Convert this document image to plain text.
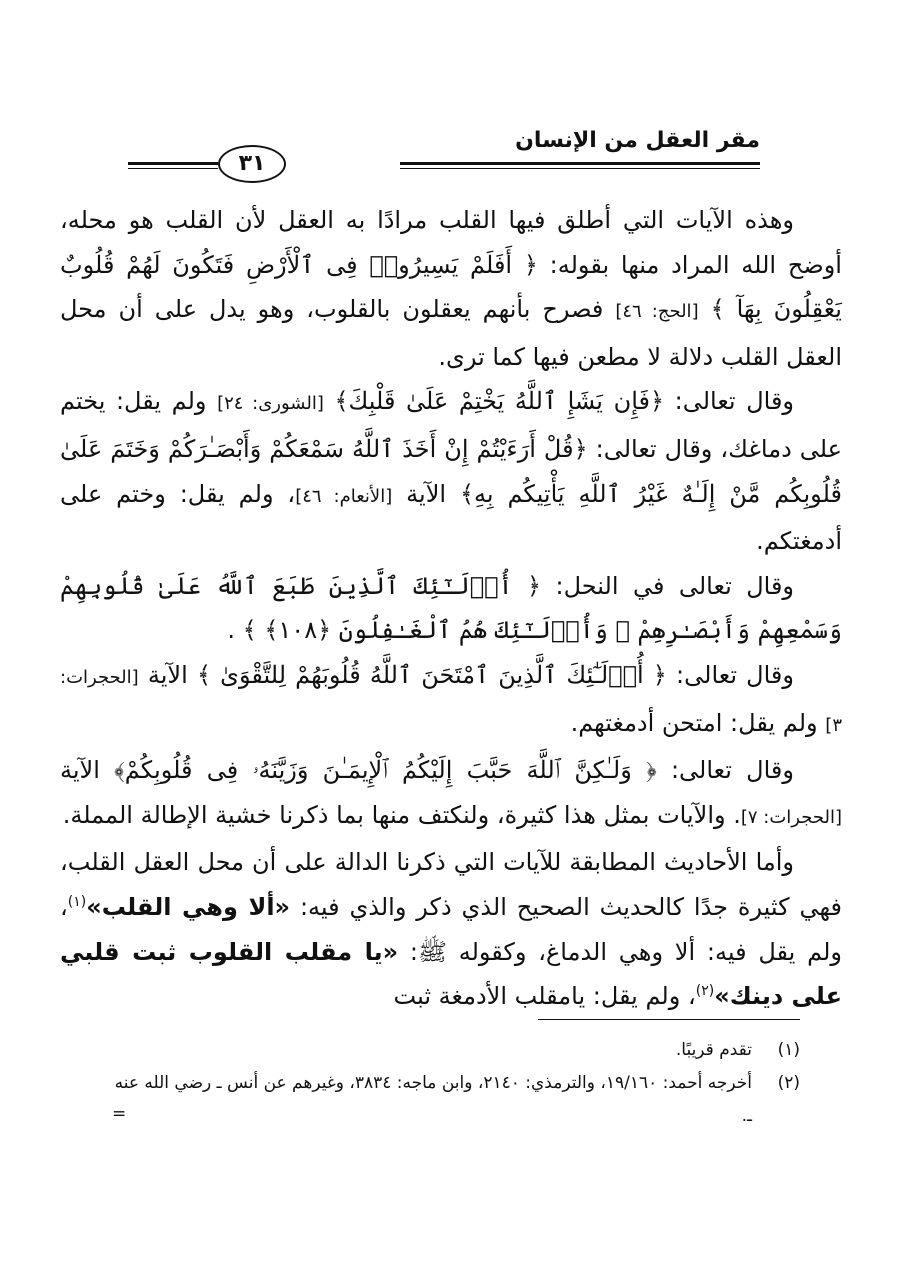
مقر العقل من الإنسان
٣١

وهذه الآيات التي أطلق فيها القلب مرادًا به العقل لأن القلب هو محله، أوضح الله المراد منها بقوله: ﴿ أَفَلَمْ يَسِيرُوا۟ فِى ٱلْأَرْضِ فَتَكُونَ لَهُمْ قُلُوبٌ يَعْقِلُونَ بِهَآ ﴾ [الحج: ٤٦] فصرح بأنهم يعقلون بالقلوب، وهو يدل على أن محل العقل القلب دلالة لا مطعن فيها كما ترى.

وقال تعالى: ﴿فَإِن يَشَإِ ٱللَّهُ يَخْتِمْ عَلَىٰ قَلْبِكَ﴾ [الشورى: ٢٤] ولم يقل: يختم على دماغك، وقال تعالى: ﴿قُلْ أَرَءَيْتُمْ إِنْ أَخَذَ ٱللَّهُ سَمْعَكُمْ وَأَبْصَـٰرَكُمْ وَخَتَمَ عَلَىٰ قُلُوبِكُم مَّنْ إِلَـٰهٌ غَيْرُ ٱللَّهِ يَأْتِيكُم بِهِ﴾ الآية [الأنعام: ٤٦]، ولم يقل: وختم على أدمغتكم.

وقال تعالى في النحل: ﴿ أُو۟لَـٰٓئِكَ ٱلَّذِينَ طَبَعَ ٱللَّهُ عَلَىٰ قُلُوبِهِمْ وَسَمْعِهِمْ وَأَبْصَـٰرِهِمْ ۖ وَأُو۟لَـٰٓئِكَ هُمُ ٱلْغَـٰفِلُونَ ﴿١٠٨﴾ ﴾ .

وقال تعالى: ﴿ أُو۟لَـٰٓئِكَ ٱلَّذِينَ ٱمْتَحَنَ ٱللَّهُ قُلُوبَهُمْ لِلتَّقْوَىٰ ﴾ الآية [الحجرات: ٣] ولم يقل: امتحن أدمغتهم.

وقال تعالى: ﴿ وَلَـٰكِنَّ ٱللَّهَ حَبَّبَ إِلَيْكُمُ ٱلْإِيمَـٰنَ وَزَيَّنَهُۥ فِى قُلُوبِكُمْ﴾ الآية [الحجرات: ٧]. والآيات بمثل هذا كثيرة، ولنكتف منها بما ذكرنا خشية الإطالة المملة.

وأما الأحاديث المطابقة للآيات التي ذكرنا الدالة على أن محل العقل القلب، فهي كثيرة جدًا كالحديث الصحيح الذي ذكر والذي فيه: «ألا وهي القلب»$^{(١)}$، ولم يقل فيه: ألا وهي الدماغ، وكقوله ﷺ: «يا مقلب القلوب ثبت قلبي على دينك»$^{(٢)}$، ولم يقل: يامقلب الأدمغة ثبت

(١)
تقدم قريبًا.
(٢)
أخرجه أحمد: ١٩/١٦٠، والترمذي: ٢١٤٠، وابن ماجه: ٣٨٣٤، وغيرهم عن أنس ـ رضي الله عنه ـ.
=
